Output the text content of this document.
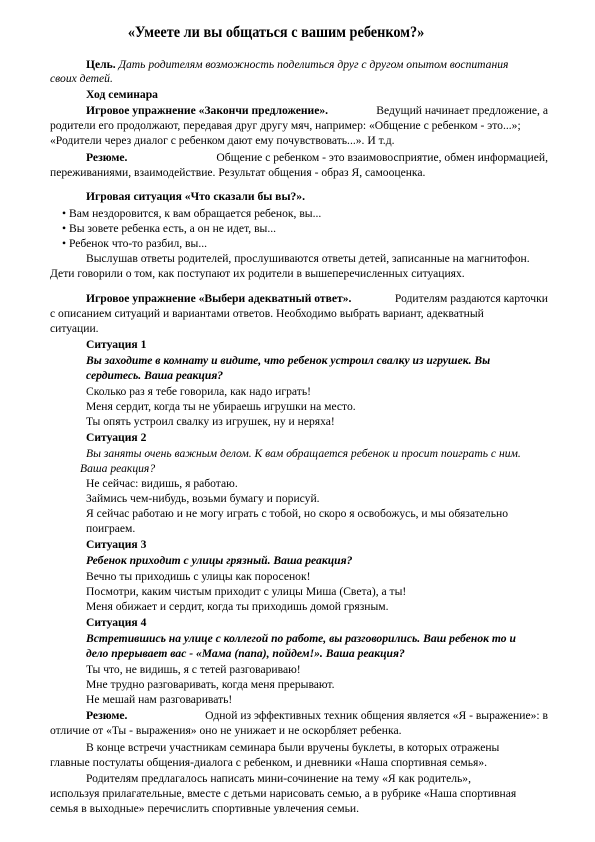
«Умеете ли вы общаться с вашим ребенком?»
Цель. Дать родителям возможность поделиться друг с другом опытом воспитания
своих детей.
Ход семинара
Игровое упражнение «Закончи предложение».
	Ведущий начинает предложение, а
родители его продолжают, передавая друг другу мяч, например: «Общение с ребенком - это...»;
«Родители через диалог с ребенком дают ему почувствовать...». И т.д.
Резюме.
	Общение с ребенком - это взаимовосприятие, обмен информацией,
переживаниями, взаимодействие. Результат общения - образ Я, самооценка.
Игровая ситуация «Что сказали бы вы?».
• Вам нездоровится, к вам обращается ребенок, вы...
• Вы зовете ребенка есть, а он не идет, вы...
• Ребенок что-то разбил, вы...
Выслушав ответы родителей, прослушиваются ответы детей, записанные на магнитофон.
Дети говорили о том, как поступают их родители в вышеперечисленных ситуациях.
Игровое упражнение «Выбери адекватный ответ».
	Родителям раздаются карточки
с описанием ситуаций и вариантами ответов. Необходимо выбрать вариант, адекватный
ситуации.
Ситуация 1
Вы заходите в комнату и видите, что ребенок устроил свалку из игрушек. Вы
сердитесь. Ваша реакция?
Сколько раз я тебе говорила, как надо играть!
Меня сердит, когда ты не убираешь игрушки на место.
Ты опять устроил свалку из игрушек, ну и неряха!
Ситуация 2
Вы заняты очень важным делом. К вам обращается ребенок и просит поиграть с ним.
Ваша реакция?
Не сейчас: видишь, я работаю.
Займись чем-нибудь, возьми бумагу и порисуй.
Я сейчас работаю и не могу играть с тобой, но скоро я освобожусь, и мы обязательно
поиграем.
Ситуация 3
Ребенок приходит с улицы грязный. Ваша реакция?
Вечно ты приходишь с улицы как поросенок!
Посмотри, каким чистым приходит с улицы Миша (Света), а ты!
Меня обижает и сердит, когда ты приходишь домой грязным.
Ситуация 4
Встретившись на улице с коллегой по работе, вы разговорились. Ваш ребенок то и
дело прерывает вас - «Мама (папа), пойдем!». Ваша реакция?
Ты что, не видишь, я с тетей разговариваю!
Мне трудно разговаривать, когда меня прерывают.
Не мешай нам разговаривать!
Резюме.
	Одной из эффективных техник общения является «Я - выражение»: в
отличие от «Ты - выражения» оно не унижает и не оскорбляет ребенка.
В конце встречи участникам семинара были вручены буклеты, в которых отражены
главные постулаты общения-диалога с ребенком, и дневники «Наша спортивная семья».
Родителям предлагалось написать мини-сочинение на тему «Я как родитель»,
используя прилагательные, вместе с детьми нарисовать семью, а в рубрике «Наша спортивная
семья в выходные» перечислить спортивные увлечения семьи.
